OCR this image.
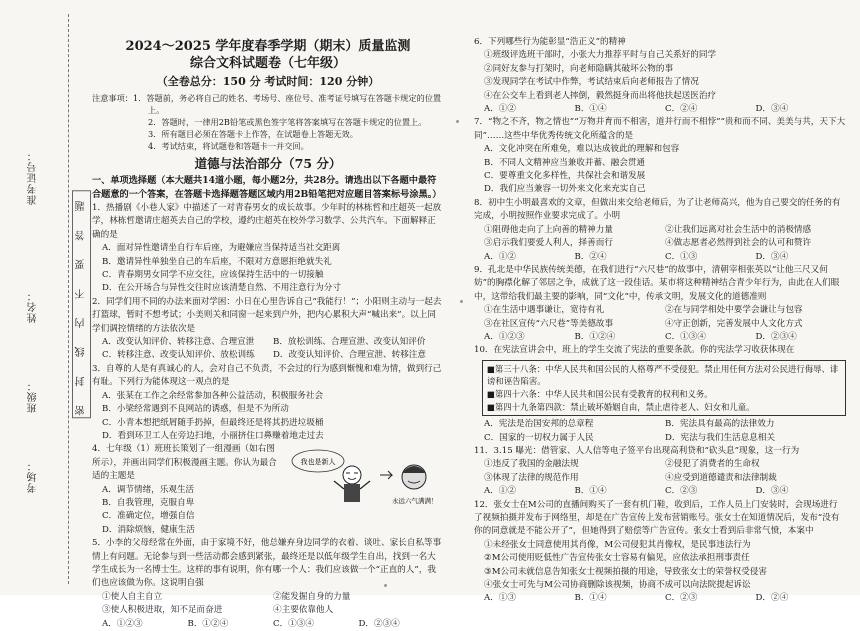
准考证号：
姓名：
班级：
考场：
密 封 线 内 不 要 答 题
2024～2025 学年度春季学期（期末）质量监测
综合文科试题卷（七年级）
（全卷总分：150 分 考试时间：120 分钟）
注意事项：1．答题前，务必将自己的姓名、考场号、座位号、准考证号填写在答题卡规定的位置上。
2．答题时，一律用2B铅笔或黑色签字笔将答案填写在答题卡规定的位置上。
3．所有题目必须在答题卡上作答，在试题卷上答题无效。
4．考试结束，将试题卷和答题卡一并交回。
道德与法治部分（75 分）
一、单项选择题（本大题共14道小题，每小题2分，共28分。请选出以下各题中最符合题意的一个答案，在答题卡选择题答题区域内用2B铅笔把对应题目答案标号涂黑。）

1．热播剧《小巷人家》中描述了一对青春男女的成长故事。少年时的林栋哲和庄超英一起放学，林栋哲邀请庄超英去自己的学校，遵约庄超英在校外学习数学、公共汽车。下面解释正确的是

A．面对异性邀请坐自行车后座，为避嫌应当保持适当社交距离

B．邀请异性单独坐自己的车后座，不限对方意愿拒绝就失礼

C．青春期男女同学不应交往，应该保持生活中的一切接触

D．在公开场合与异性交往时应该清楚自然、不用注意行为分寸

2．同学们用不同的办法来面对学困：小日在心里告诉自己“我能行！”；小阳则主动与一起去打篮球，暂时不想考试；小美则关和同窗一起来到户外，把内心累积大声“喊出来”。以上同学们调控情绪的方法依次是

A．改变认知评价、转移注意、合理宣泄	B．放松训练、合理宣泄、改变认知评价
C．转移注意、改变认知评价、放松训练	D．改变认知评价、合理宣泄、转移注意

3．自尊的人是有真诚心的人，会对自己不负责，不会过的行为感到惭愧和难为情，做到行己有耻。下列行为能体现这一观点的是

A．张某在工作之余经常参加各种公益活动，积极服务社会

B．小梁经常遇到不良网站的诱惑，但是不为所动

C．小青本想把纸屑随手扔掉，但最终还是将其扔进垃圾桶

D．看到环卫工人在旁边扫地，小丽挤住口鼻赚着地走过去

4．七年级（1）班班长策划了一组漫画（如右图所示），并画出同学们积极漫画主题。你认为最合适的主题是

A．调节情绪，乐观生活

B．自我管理，克服自卑

C．准确定位，增强自信

D．消除烦恼，健康生活

我也是新人
永远六气满满！

5．小李的父母经常在外面，由于家境不好，他总嫌弃身边同学的衣着、谈吐、家长自私等事情上有问题。无论参与到一些活动都会感到紧张，最终还是以低年级学生自出，找到一名大学生成长为一名博士生。这样的事有说明，你有哪一个人：我们应该做一个“正直的人”，我们也应该做为你。这说明自强

①使人自主自立	②能发掘自身的力量
③使人积极进取，知不足而奋进	④主要依靠他人
A．①②③	B．①②④	C．①③④	D．②③④

6．下列哪些行为能彰显“浩正义”的精神

①班级评选班干部时，小张大力推荐平时与自己关系好的同学

②同好友参与打架时，向老师隐瞒其破坏公物的事

③发现同学在考试中作弊，考试结束后向老师报告了情况

④在公交车上看到老人摔倒，毅然挺身而出将他扶起送医治疗

A．①②	B．①④	C．②④	D．③④

7．“物之不齐，物之情也”“万物并育而不相害，道并行而不相悖”“贵和而不同、美美与共，天下大同”……这些中华优秀传统文化所蕴含的是

A．文化冲突在所难免，难以达成彼此的理解和包容

B．不同人文精神应当兼收并蓄、融会贯通

C．要尊重文化多样性，共保社会和谐发展

D．我们应当兼容一切外来文化来充实自己

8．初中生小明最喜欢的文章，但做出来交给老师后，为了让老师高兴，他为自己要交的任务的有完成，小明按照作业要求完成了。小明

①阻碍他走向了上向善的精神力量	②让我们远离对社会生活中的消极情感
③启示我们要爱人利人，择善而行	④做志愿者必然得到社会的认可和赞许
A．①②	B．②④	C．①③	D．③④

9．孔北是中华民族传统美德，在我们进行“六尺巷”的故事中，清朝宰相张英以“让他三尺又何妨”的胸襟化解了邻居之争，成就了这一段佳话。某市将这种精神结合青少年行为，由此在人们眼中，这带给我们最主要的影响，同“文化”中，传承文明，发展文化的道德准则

①在生活中遇事谦让，宽待有礼	②在与同学相处中要学会谦让与包容
③在社区宣传“六尺巷”等美德故事	④守正创新，完善发展中人文化方式
A．①②③	B．①②④	C．①③④	D．②③④

10．在宪法宣讲会中，班上的学生交流了宪法的重要条款。你的宪法学习收获体现在

■第三十八条：中华人民共和国公民的人格尊严不受侵犯。禁止用任何方法对公民进行侮辱、诽谤和诬告陷害。

■第四十六条：中华人民共和国公民有受教育的权利和义务。

■第四十九条第四款：禁止破坏婚姻自由，禁止虐待老人、妇女和儿童。

A．宪法是治国安邦的总章程	B．宪法具有最高的法律效力
C．国家的一切权力属于人民	D．宪法与我们生活息息相关

11．3.15 曝光：借管家、人人信等电子签平台出现高利贷和“砍头息”现象，这一行为

①违反了我国的金融法规	②侵犯了消费者的生命权
③体现了法律的规范作用	④应受到道德谴责和法律制裁
A．①②	B．①④	C．②③	D．③④

12．张女士在M公司的直播间购买了一套有机门鞋，收到后，工作人员上门安装时，会现场进行了视频拍摄并发布于网络里，却是在广告宣传上发布营销账号。张女士在知道情况后，发布“没有你的同意就是不能公开了”，但她得到了赔偿等广告宣传。张女士看到后非常气愤，本案中

①未经张女士同意使用其肖像，M公司侵犯其肖像权，是民事违法行为

②M公司使用贬低性广告宣传张女士容易有偏见，应依法承担刑事责任

③M公司未就信息告知张女士视频拍摄的用途，导致张女士的荣誉权受侵害

④张女士可先与M公司协商删除该视频，协商不成可以向法院提起诉讼

A．①③	B．①④	C．②③	D．②④
